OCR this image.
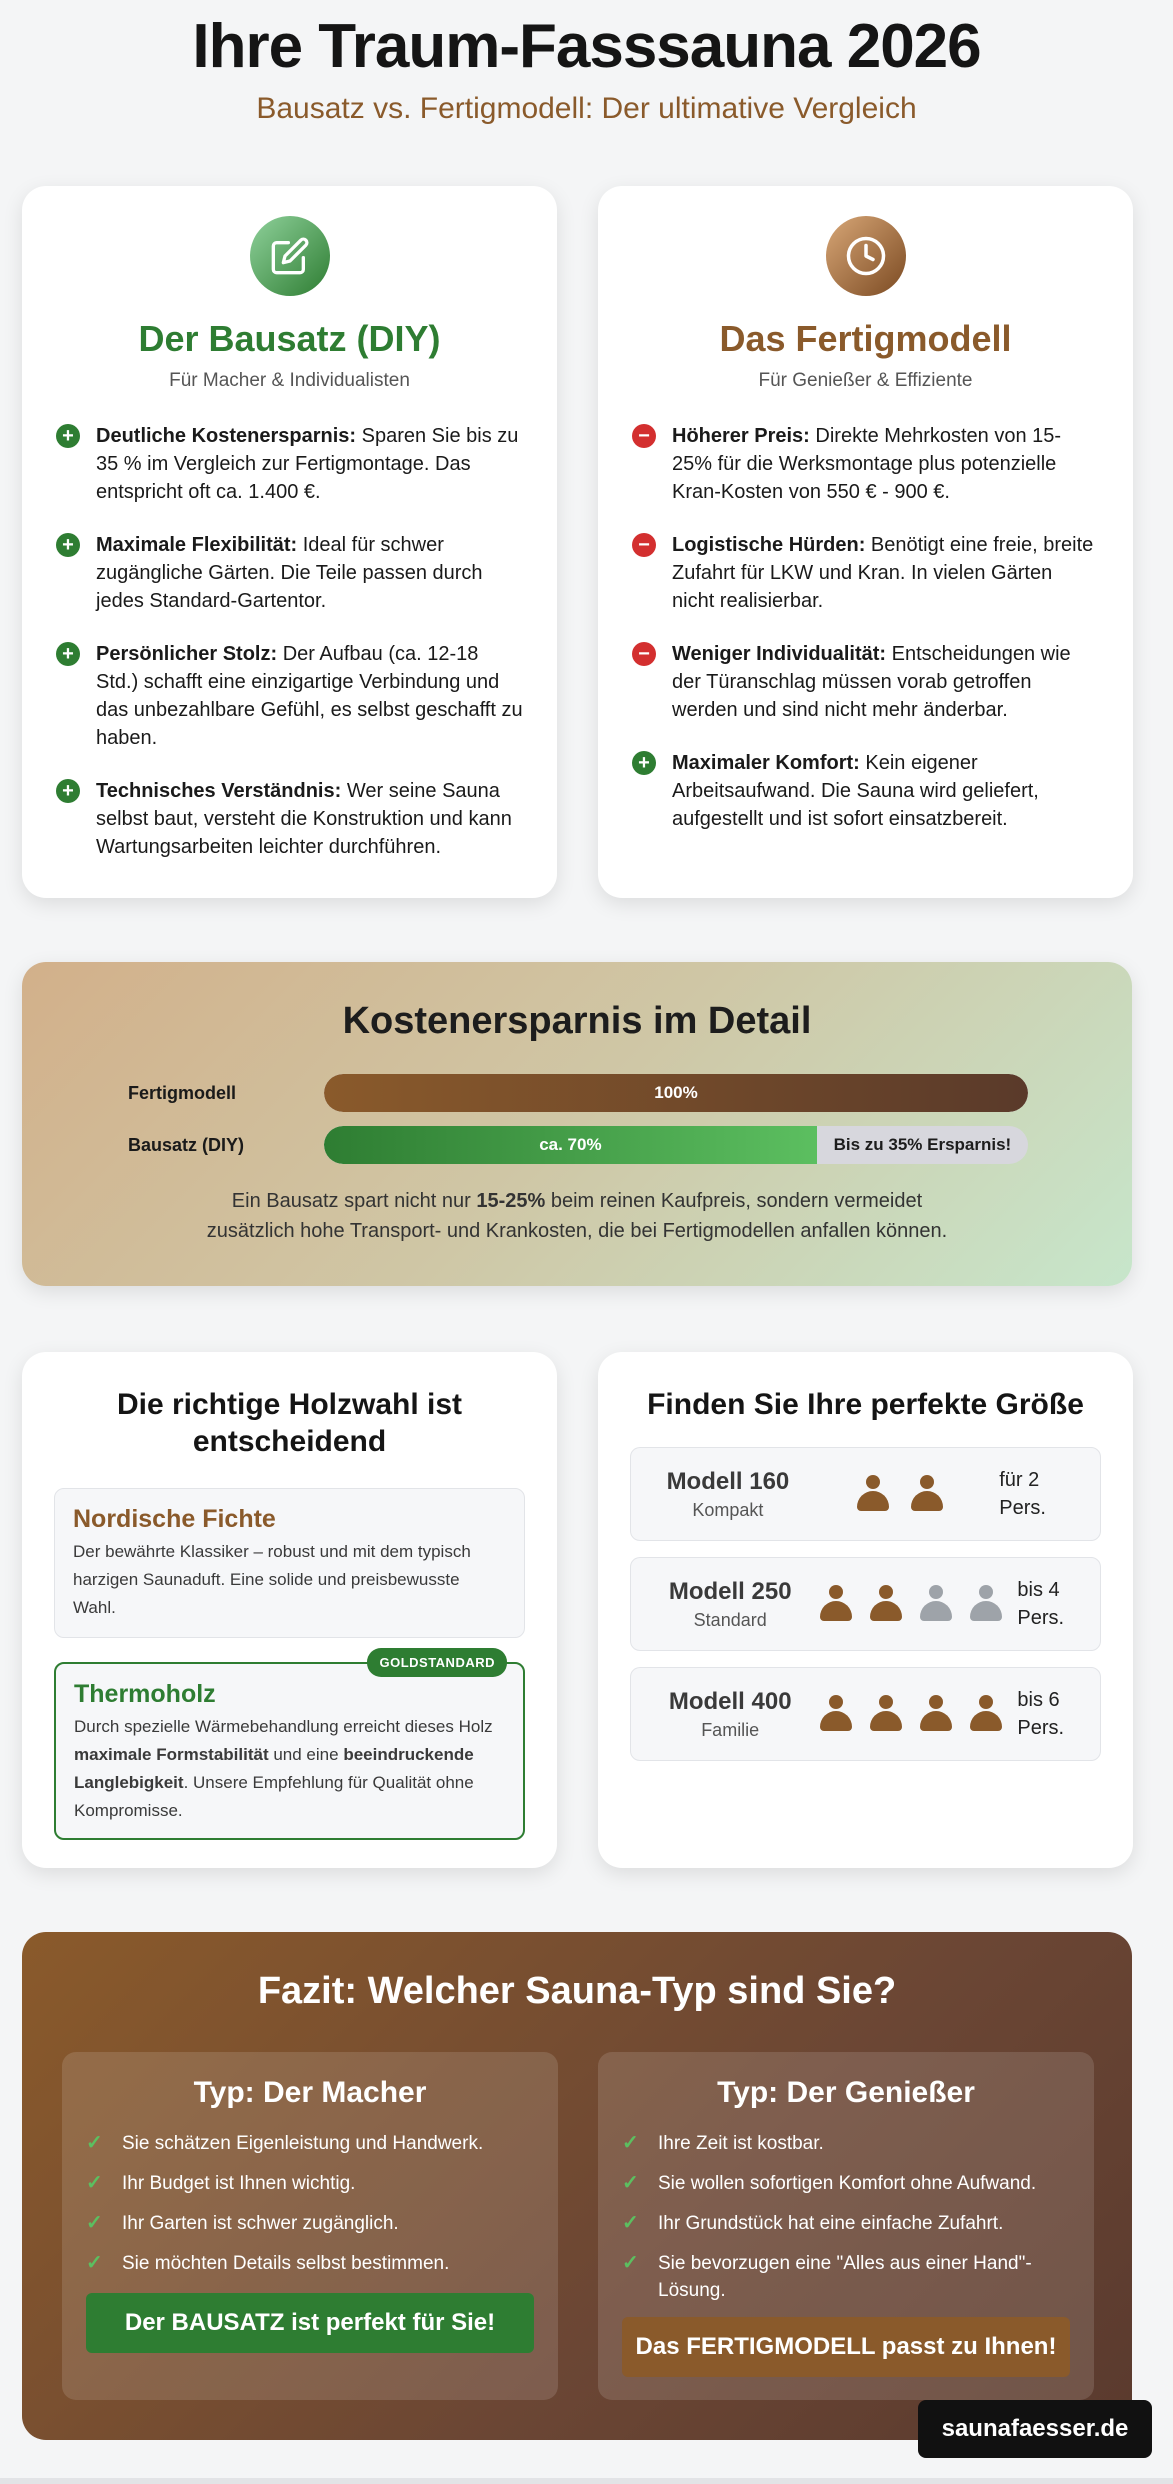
Ihre Traum-Fasssauna 2026
Bausatz vs. Fertigmodell: Der ultimative Vergleich
Der Bausatz (DIY)
Für Macher & Individualisten
+	Deutliche Kostenersparnis: Sparen Sie bis zu 35 % im Vergleich zur Fertigmontage. Das entspricht oft ca. 1.400 €.

+	Maximale Flexibilität: Ideal für schwer zugängliche Gärten. Die Teile passen durch jedes Standard-Gartentor.

+	Persönlicher Stolz: Der Aufbau (ca. 12-18 Std.) schafft eine einzigartige Verbindung und das unbezahlbare Gefühl, es selbst geschafft zu haben.

+	Technisches Verständnis: Wer seine Sauna selbst baut, versteht die Konstruktion und kann Wartungsarbeiten leichter durchführen.

Das Fertigmodell
Für Genießer & Effiziente
−	Höherer Preis: Direkte Mehrkosten von 15-25% für die Werksmontage plus potenzielle Kran-Kosten von 550 € - 900 €.

−	Logistische Hürden: Benötigt eine freie, breite Zufahrt für LKW und Kran. In vielen Gärten nicht realisierbar.

−	Weniger Individualität: Entscheidungen wie der Türanschlag müssen vorab getroffen werden und sind nicht mehr änderbar.

+	Maximaler Komfort: Kein eigener Arbeitsaufwand. Die Sauna wird geliefert, aufgestellt und ist sofort einsatzbereit.

Kostenersparnis im Detail
Fertigmodell	100%
Bausatz (DIY)	ca. 70%	Bis zu 35% Ersparnis!

Ein Bausatz spart nicht nur 15-25% beim reinen Kaufpreis, sondern vermeidet zusätzlich hohe Transport- und Krankosten, die bei Fertigmodellen anfallen können.

Die richtige Holzwahl ist entscheidend
Nordische Fichte
Der bewährte Klassiker – robust und mit dem typisch harzigen Saunaduft. Eine solide und preisbewusste Wahl.
GOLDSTANDARD
Thermoholz
Durch spezielle Wärmebehandlung erreicht dieses Holz maximale Formstabilität und eine beeindruckende Langlebigkeit. Unsere Empfehlung für Qualität ohne Kompromisse.
Finden Sie Ihre perfekte Größe
Modell 160
Kompakt
für 2 Pers.
Modell 250
Standard
bis 4 Pers.
Modell 400
Familie
bis 6 Pers.
Fazit: Welcher Sauna-Typ sind Sie?
Typ: Der Macher
✓ Sie schätzen Eigenleistung und Handwerk.
✓ Ihr Budget ist Ihnen wichtig.
✓ Ihr Garten ist schwer zugänglich.
✓ Sie möchten Details selbst bestimmen.
Der BAUSATZ ist perfekt für Sie!
Typ: Der Genießer
✓ Ihre Zeit ist kostbar.
✓ Sie wollen sofortigen Komfort ohne Aufwand.
✓ Ihr Grundstück hat eine einfache Zufahrt.
✓ Sie bevorzugen eine "Alles aus einer Hand"-Lösung.
Das FERTIGMODELL passt zu Ihnen!
saunafaesser.de
